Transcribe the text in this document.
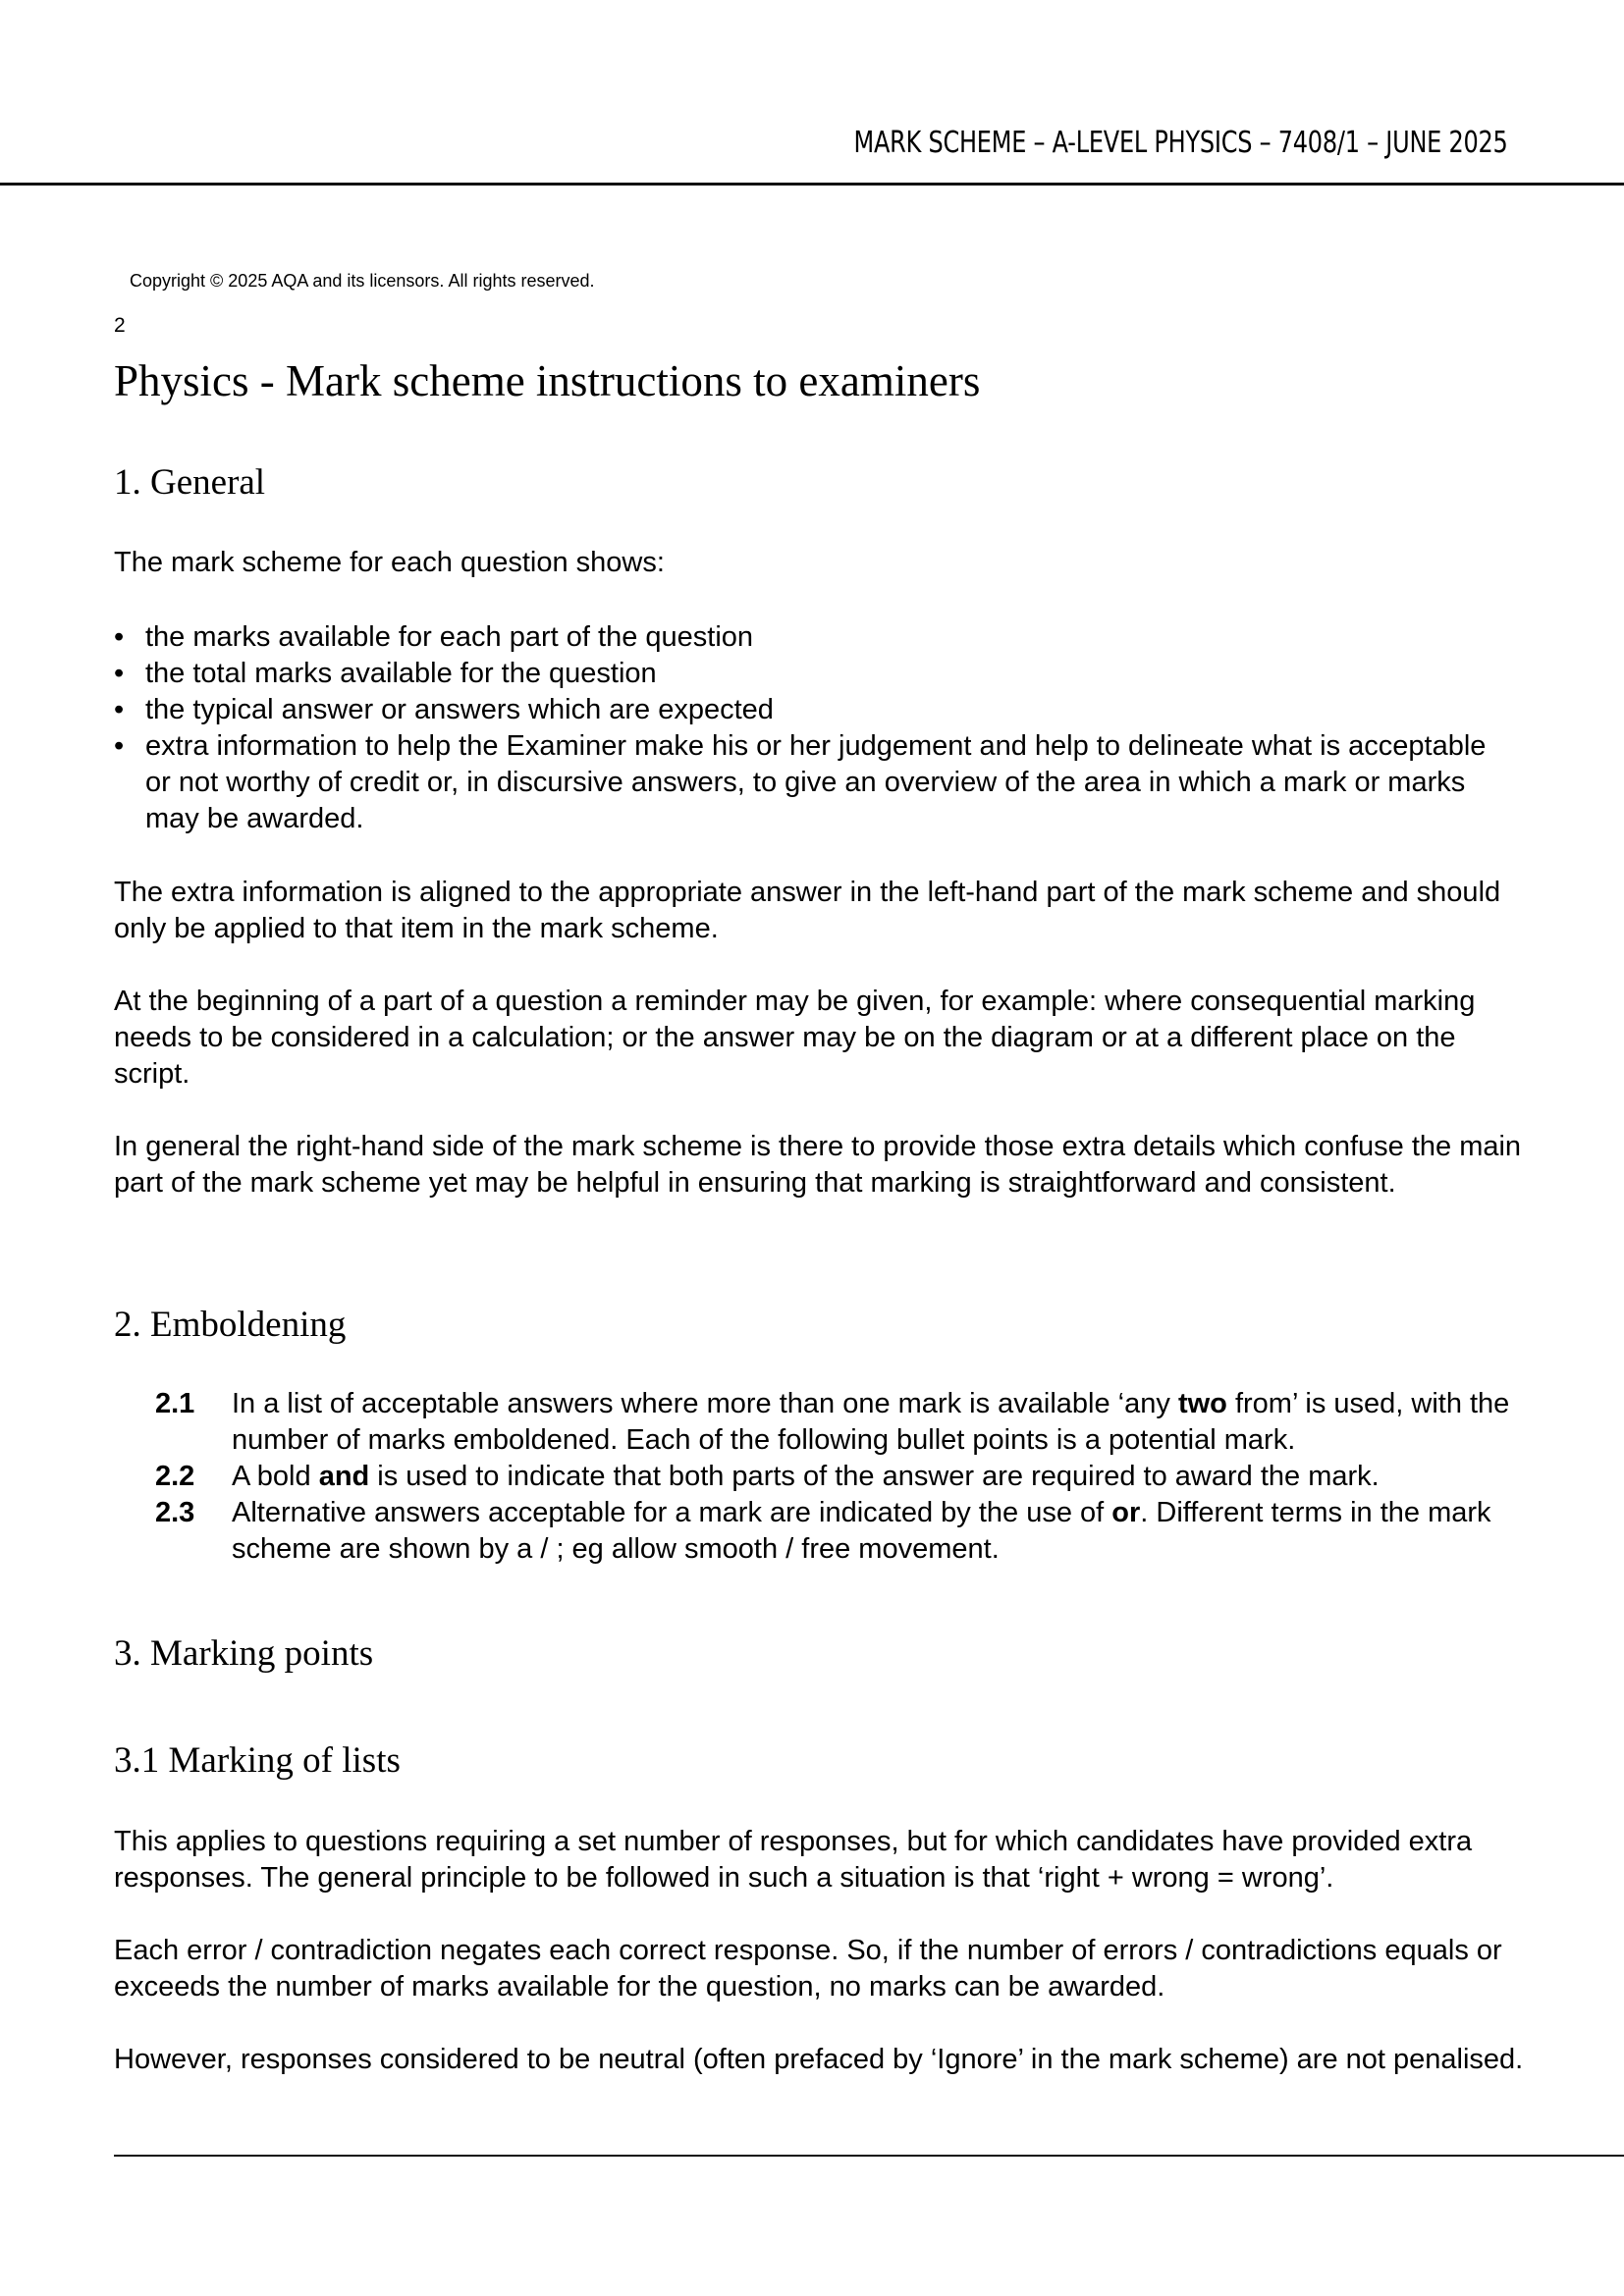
MARK SCHEME – A-LEVEL PHYSICS – 7408/1 – JUNE 2025
Copyright © 2025 AQA and its licensors. All rights reserved.
2
Physics - Mark scheme instructions to examiners
1. General
The mark scheme for each question shows:
• the marks available for each part of the question
• the total marks available for the question
• the typical answer or answers which are expected
• extra information to help the Examiner make his or her judgement and help to delineate what is acceptable or not worthy of credit or, in discursive answers, to give an overview of the area in which a mark or marks may be awarded.
The extra information is aligned to the appropriate answer in the left-hand part of the mark scheme and should only be applied to that item in the mark scheme.
At the beginning of a part of a question a reminder may be given, for example: where consequential marking needs to be considered in a calculation; or the answer may be on the diagram or at a different place on the script.
In general the right-hand side of the mark scheme is there to provide those extra details which confuse the main part of the mark scheme yet may be helpful in ensuring that marking is straightforward and consistent.
2. Emboldening
2.1	In a list of acceptable answers where more than one mark is available ‘any two from’ is used, with the number of marks emboldened. Each of the following bullet points is a potential mark.
2.2	A bold and is used to indicate that both parts of the answer are required to award the mark.
2.3	Alternative answers acceptable for a mark are indicated by the use of or. Different terms in the mark scheme are shown by a / ; eg allow smooth / free movement.
3. Marking points
3.1 Marking of lists
This applies to questions requiring a set number of responses, but for which candidates have provided extra responses. The general principle to be followed in such a situation is that ‘right + wrong = wrong’.
Each error / contradiction negates each correct response. So, if the number of errors / contradictions equals or exceeds the number of marks available for the question, no marks can be awarded.
However, responses considered to be neutral (often prefaced by ‘Ignore’ in the mark scheme) are not penalised.
